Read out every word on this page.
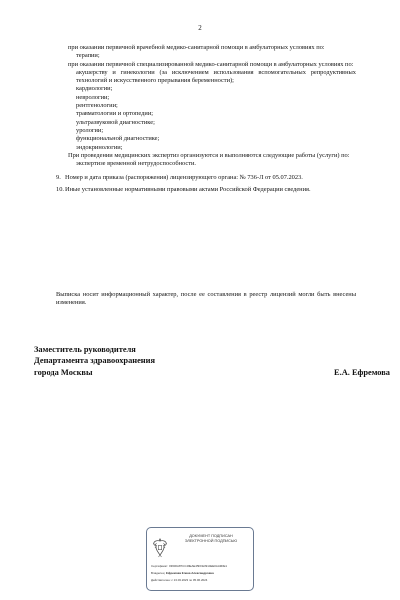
2

при оказании первичной врачебной медико-санитарной помощи в амбулаторных условиях по:

терапии;

при оказании первичной специализированной медико-санитарной помощи в амбулаторных условиях по:

акушерству и гинекологии (за исключением использования вспомогательных репродуктивных технологий и искусственного прерывания беременности);

кардиологии;

неврологии;

рентгенологии;

травматологии и ортопедии;

ультразвуковой диагностике;

урологии;

функциональной диагностике;

эндокринологии;

При проведении медицинских экспертиз организуются и выполняются следующие работы (услуги) по:

экспертизе временной нетрудоспособности.

9. Номер и дата приказа (распоряжения) лицензирующего органа: № 736-Л от 05.07.2023.
10. Иные установленные нормативными правовыми актами Российской Федерации сведения.
Выписка носит информационный характер, после ее составления в реестр лицензий могли быть внесены изменения.
Заместитель руководителя
Департамента здравоохранения
города Москвы	Е.А. Ефремова
ДОКУМЕНТ ПОДПИСАН
ЭЛЕКТРОННОЙ ПОДПИСЬЮ
Сертификат: 03600A87CC49EAE45FFE3914EE0AA9DE1
Владелец: Ефремова Елена Александровна
Действителен: с 13.03.2023 по 05.06.2024
